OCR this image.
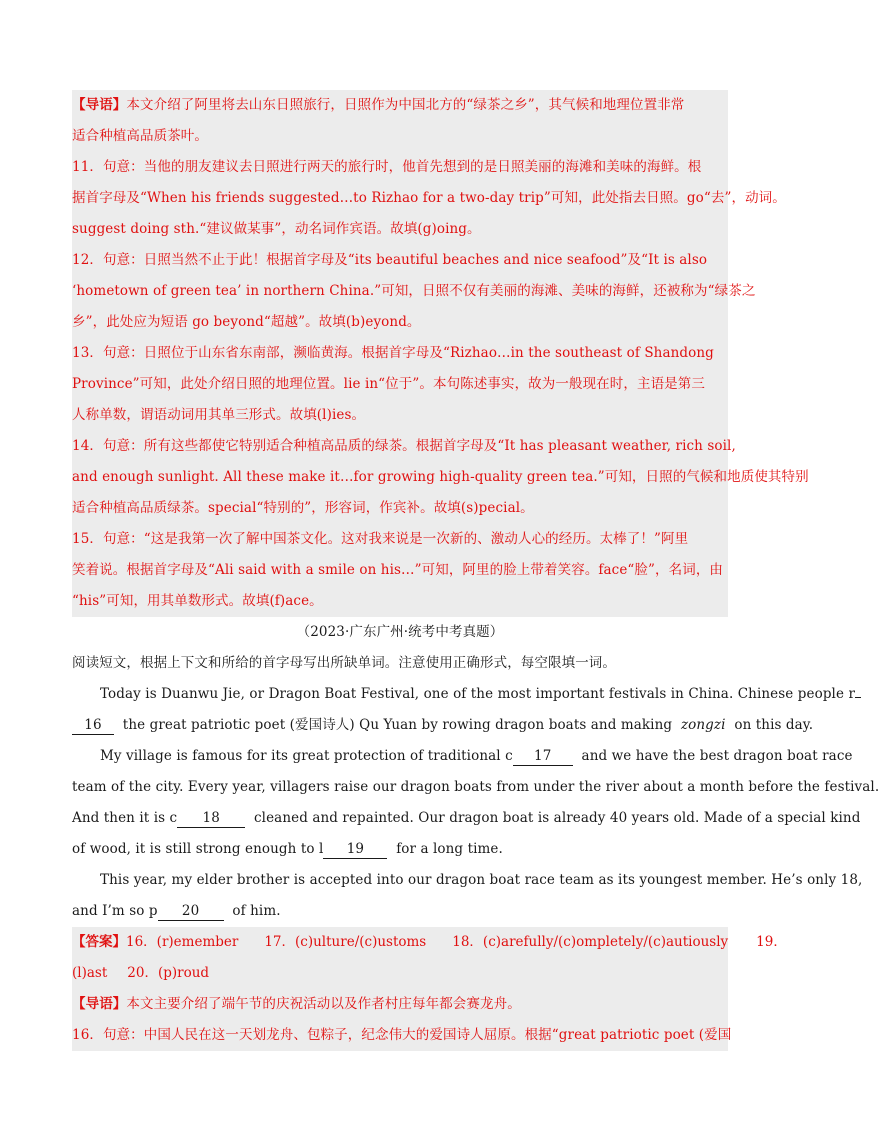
【导语】本文介绍了阿里将去山东日照旅行，日照作为中国北方的“绿茶之乡”，其气候和地理位置非常
适合种植高品质茶叶。
11．句意：当他的朋友建议去日照进行两天的旅行时，他首先想到的是日照美丽的海滩和美味的海鲜。根
据首字母及“When his friends suggested…to Rizhao for a two-day trip”可知，此处指去日照。go“去”，动词。
suggest doing sth.“建议做某事”，动名词作宾语。故填(g)oing。
12．句意：日照当然不止于此！根据首字母及“its beautiful beaches and nice seafood”及“It is also
‘hometown of green tea’ in northern China.”可知，日照不仅有美丽的海滩、美味的海鲜，还被称为“绿茶之
乡”，此处应为短语 go beyond“超越”。故填(b)eyond。
13．句意：日照位于山东省东南部，濒临黄海。根据首字母及“Rizhao…in the southeast of Shandong
Province”可知，此处介绍日照的地理位置。lie in“位于”。本句陈述事实，故为一般现在时，主语是第三
人称单数，谓语动词用其单三形式。故填(l)ies。
14．句意：所有这些都使它特别适合种植高品质的绿茶。根据首字母及“It has pleasant weather, rich soil,
and enough sunlight. All these make it…for growing high-quality green tea.”可知，日照的气候和地质使其特别
适合种植高品质绿茶。special“特别的”，形容词，作宾补。故填(s)pecial。
15．句意：“这是我第一次了解中国茶文化。这对我来说是一次新的、激动人心的经历。太棒了！”阿里
笑着说。根据首字母及“Ali said with a smile on his…”可知，阿里的脸上带着笑容。face“脸”，名词，由
“his”可知，用其单数形式。故填(f)ace。
（2023·广东广州·统考中考真题）
阅读短文，根据上下文和所给的首字母写出所缺单词。注意使用正确形式，每空限填一词。
Today is Duanwu Jie, or Dragon Boat Festival, one of the most important festivals in China. Chinese people r
16 the great patriotic poet (爱国诗人) Qu Yuan by rowing dragon boats and making zongzi on this day.
My village is famous for its great protection of traditional c 17 and we have the best dragon boat race
team of the city. Every year, villagers raise our dragon boats from under the river about a month before the festival.
And then it is c 18	cleaned and repainted. Our dragon boat is already 40 years old. Made of a special kind
of wood, it is still strong enough to l 19 for a long time.
This year, my elder brother is accepted into our dragon boat race team as its youngest member. He’s only 18,
and I’m so p 20 of him.
【答案】16．(r)emember 17．(c)ulture/(c)ustoms 18．(c)arefully/(c)ompletely/(c)autiously 19．
(l)ast 20．(p)roud
【导语】本文主要介绍了端午节的庆祝活动以及作者村庄每年都会赛龙舟。
16．句意：中国人民在这一天划龙舟、包粽子，纪念伟大的爱国诗人屈原。根据“great patriotic poet (爱国
